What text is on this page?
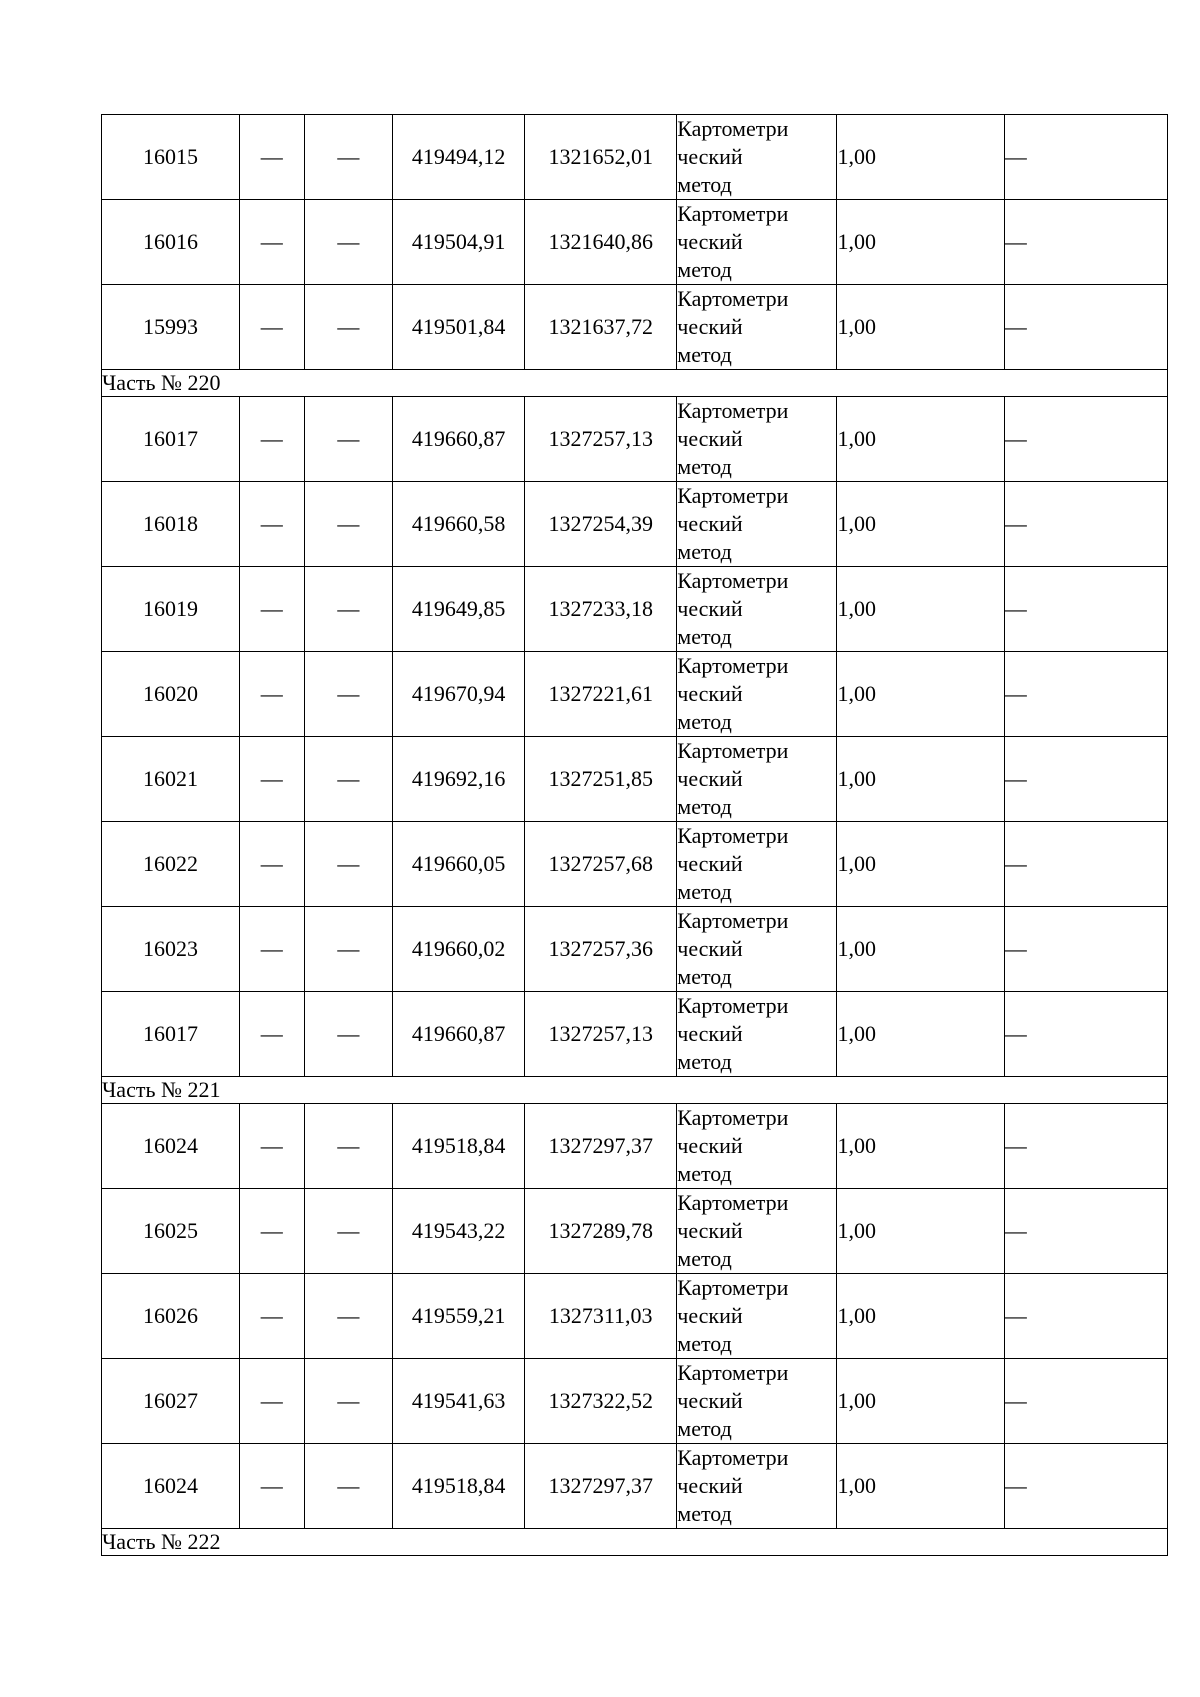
16015	—	—	419494,12	1321652,01	Картометри
ческий
метод	1,00	—
16016	—	—	419504,91	1321640,86	Картометри
ческий
метод	1,00	—
15993	—	—	419501,84	1321637,72	Картометри
ческий
метод	1,00	—
Часть № 220							
16017	—	—	419660,87	1327257,13	Картометри
ческий
метод	1,00	—
16018	—	—	419660,58	1327254,39	Картометри
ческий
метод	1,00	—
16019	—	—	419649,85	1327233,18	Картометри
ческий
метод	1,00	—
16020	—	—	419670,94	1327221,61	Картометри
ческий
метод	1,00	—
16021	—	—	419692,16	1327251,85	Картометри
ческий
метод	1,00	—
16022	—	—	419660,05	1327257,68	Картометри
ческий
метод	1,00	—
16023	—	—	419660,02	1327257,36	Картометри
ческий
метод	1,00	—
16017	—	—	419660,87	1327257,13	Картометри
ческий
метод	1,00	—
Часть № 221							
16024	—	—	419518,84	1327297,37	Картометри
ческий
метод	1,00	—
16025	—	—	419543,22	1327289,78	Картометри
ческий
метод	1,00	—
16026	—	—	419559,21	1327311,03	Картометри
ческий
метод	1,00	—
16027	—	—	419541,63	1327322,52	Картометри
ческий
метод	1,00	—
16024	—	—	419518,84	1327297,37	Картометри
ческий
метод	1,00	—
Часть № 222							
